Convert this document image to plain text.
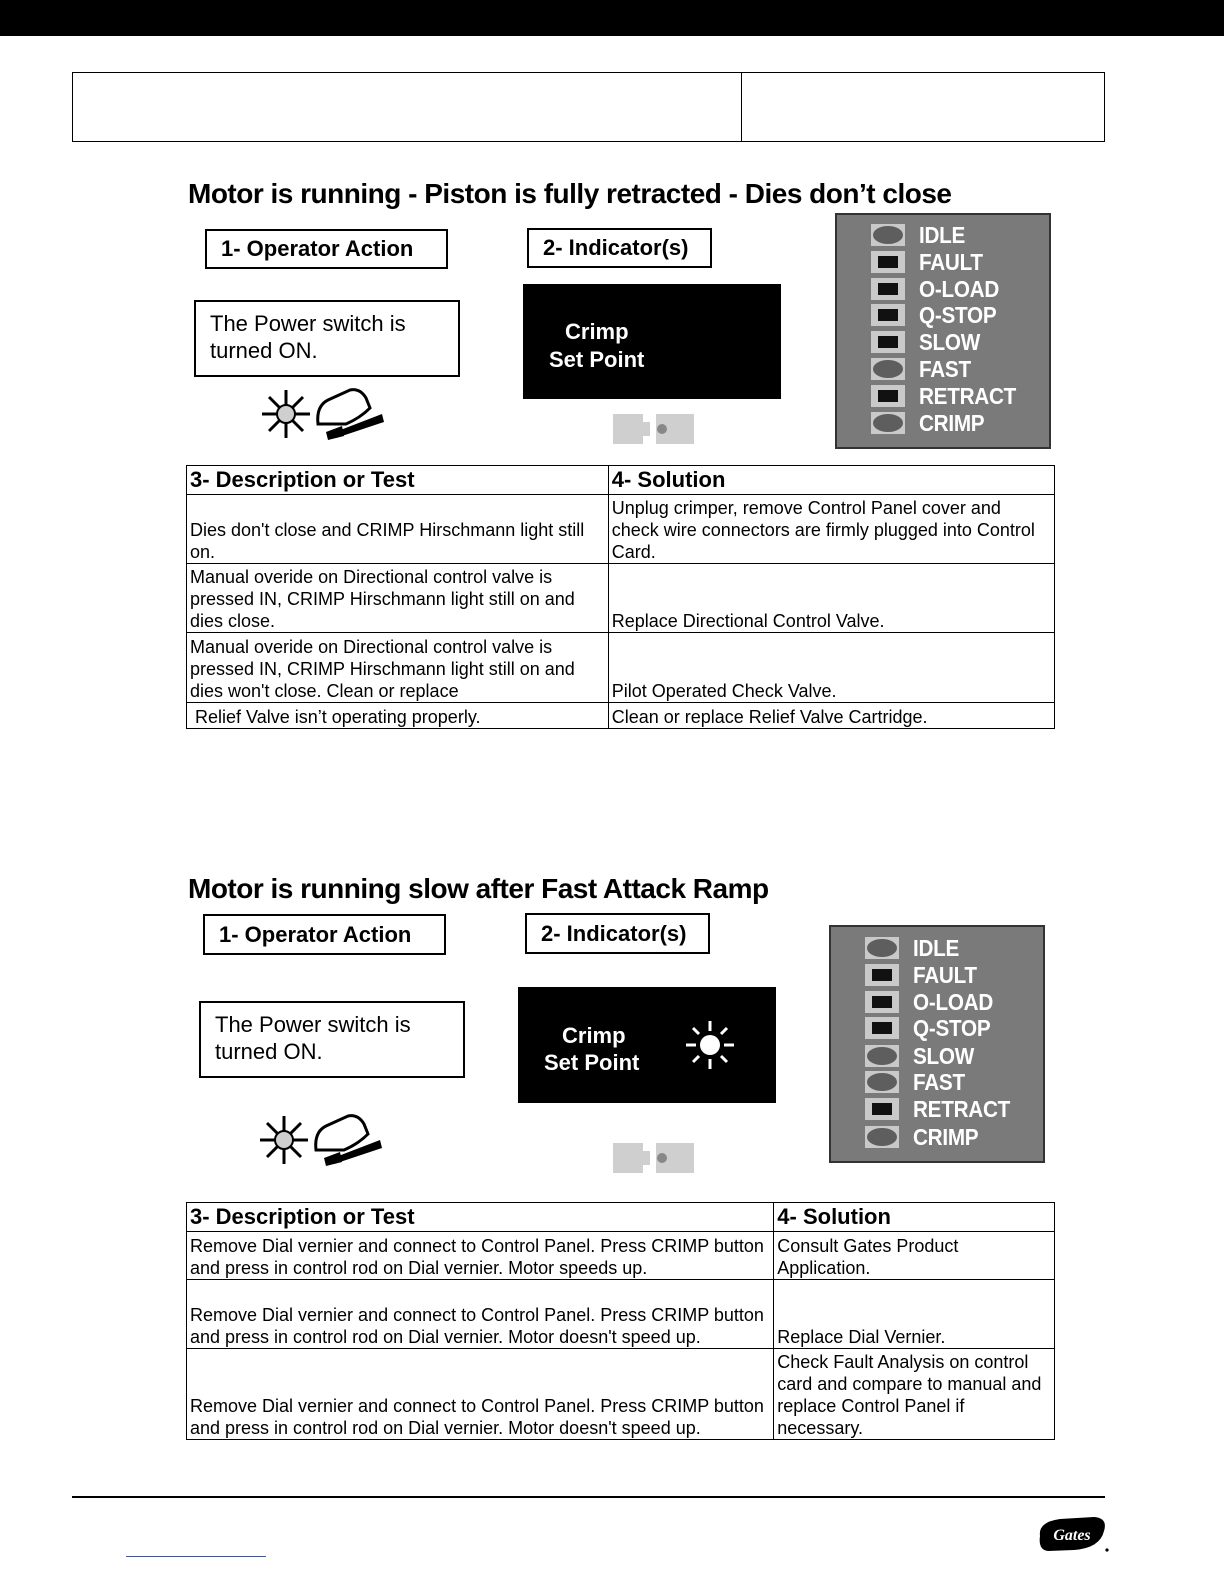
Motor is running - Piston is fully retracted - Dies don’t close
1- Operator Action	2- Indicator(s)
The Power switch is
turned ON.
Crimp
Set Point
IDLE
FAULT
O-LOAD
Q-STOP
SLOW
FAST
RETRACT
CRIMP
3- Description or Test	4- Solution
Dies don't close and CRIMP Hirschmann light still on.	Unplug crimper, remove Control Panel cover and check wire connectors are firmly plugged into Control Card.
Manual overide on Directional control valve is pressed IN, CRIMP Hirschmann light still on and dies close.	Replace Directional Control Valve.
Manual overide on Directional control valve is pressed IN, CRIMP Hirschmann light still on and dies won't close. Clean or replace	Pilot Operated Check Valve.
Relief Valve isn’t operating properly.	Clean or replace Relief Valve Cartridge.
Motor is running slow after Fast Attack Ramp
1- Operator Action	2- Indicator(s)
The Power switch is
turned ON.
Crimp
Set Point
IDLE
FAULT
O-LOAD
Q-STOP
SLOW
FAST
RETRACT
CRIMP
3- Description or Test	4- Solution
Remove Dial vernier and connect to Control Panel. Press CRIMP button and press in control rod on Dial vernier. Motor speeds up.	Consult Gates Product Application.
Remove Dial vernier and connect to Control Panel. Press CRIMP button and press in control rod on Dial vernier. Motor doesn't speed up.	Replace Dial Vernier.
Remove Dial vernier and connect to Control Panel. Press CRIMP button and press in control rod on Dial vernier. Motor doesn't speed up.	Check Fault Analysis on control card and compare to manual and replace Control Panel if necessary.
Gates
